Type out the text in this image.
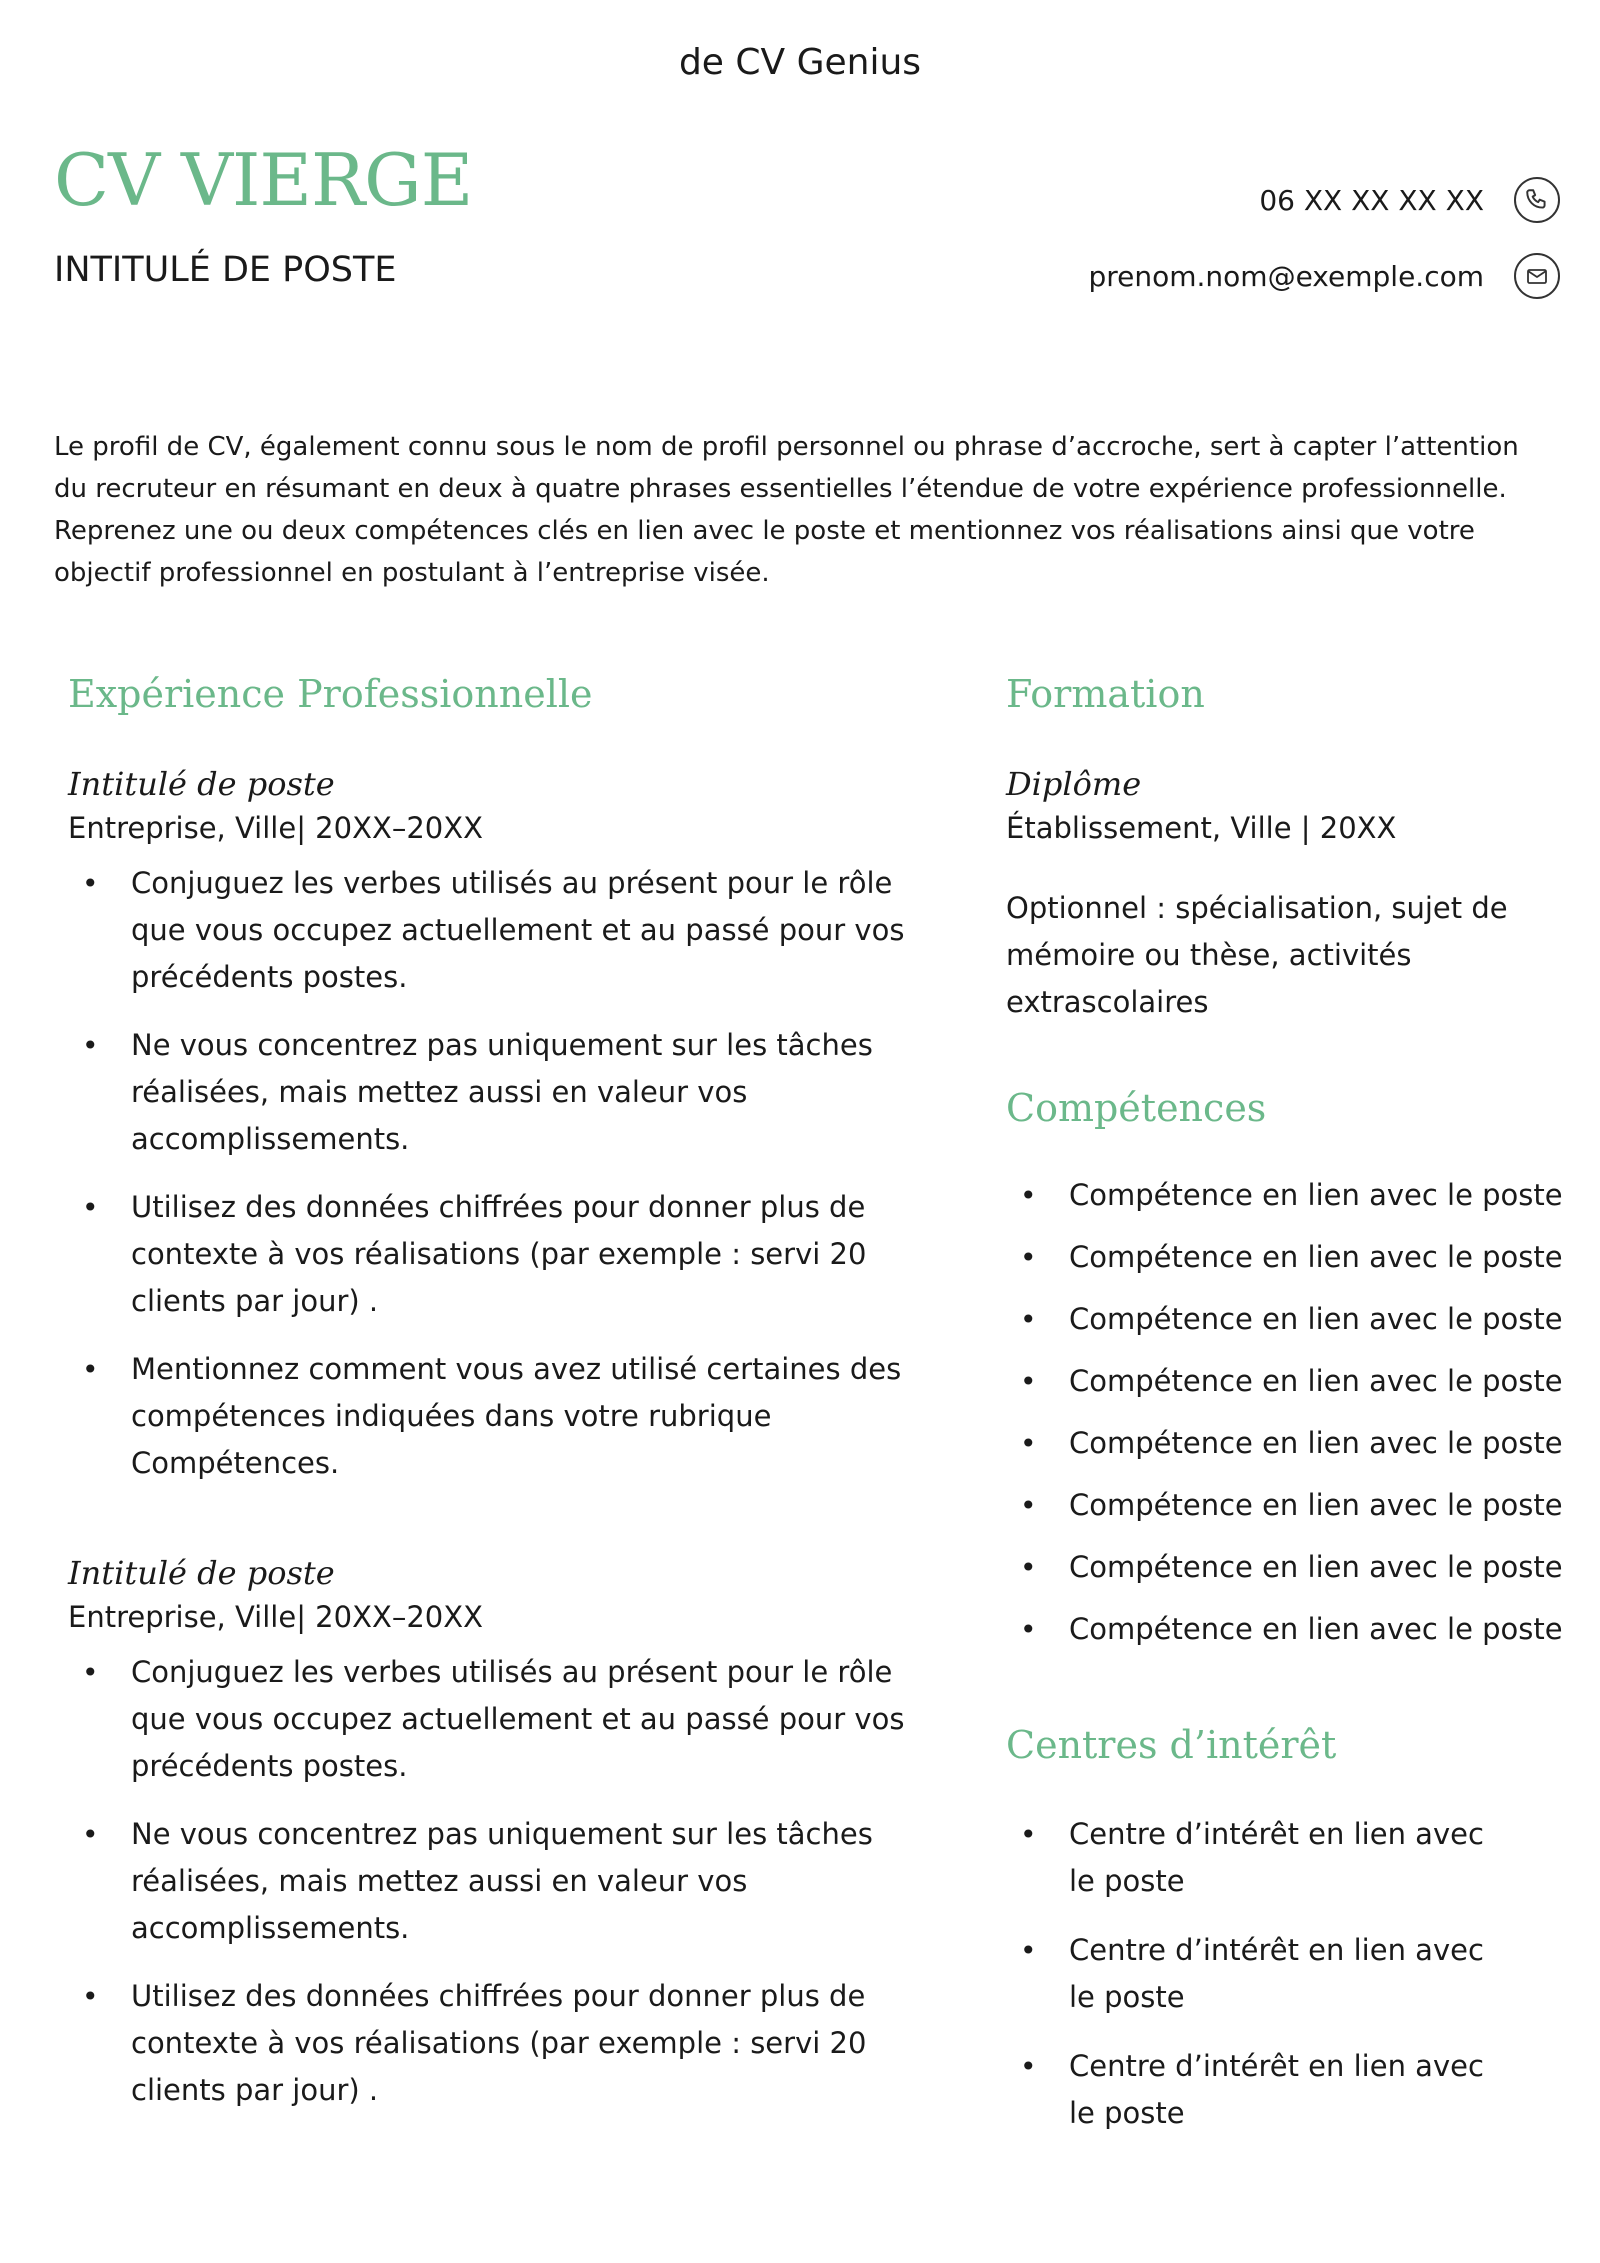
de CV Genius
CV VIERGE
INTITULÉ DE POSTE
06 XX XX XX XX
prenom.nom@exemple.com
Le profil de CV, également connu sous le nom de profil personnel ou phrase d’accroche, sert à capter l’attention du recruteur en résumant en deux à quatre phrases essentielles l’étendue de votre expérience professionnelle. Reprenez une ou deux compétences clés en lien avec le poste et mentionnez vos réalisations ainsi que votre objectif professionnel en postulant à l’entreprise visée.
Expérience Professionnelle
Intitulé de poste
Entreprise, Ville| 20XX–20XX
• Conjuguez les verbes utilisés au présent pour le rôle que vous occupez actuellement et au passé pour vos précédents postes.
• Ne vous concentrez pas uniquement sur les tâches réalisées, mais mettez aussi en valeur vos accomplissements.
• Utilisez des données chiffrées pour donner plus de contexte à vos réalisations (par exemple : servi 20 clients par jour) .
• Mentionnez comment vous avez utilisé certaines des compétences indiquées dans votre rubrique Compétences.
Intitulé de poste
Entreprise, Ville| 20XX–20XX
• Conjuguez les verbes utilisés au présent pour le rôle que vous occupez actuellement et au passé pour vos précédents postes.
• Ne vous concentrez pas uniquement sur les tâches réalisées, mais mettez aussi en valeur vos accomplissements.
• Utilisez des données chiffrées pour donner plus de contexte à vos réalisations (par exemple : servi 20 clients par jour) .
Formation
Diplôme
Établissement, Ville | 20XX
Optionnel : spécialisation, sujet de mémoire ou thèse, activités extrascolaires
Compétences
• Compétence en lien avec le poste
• Compétence en lien avec le poste
• Compétence en lien avec le poste
• Compétence en lien avec le poste
• Compétence en lien avec le poste
• Compétence en lien avec le poste
• Compétence en lien avec le poste
• Compétence en lien avec le poste
Centres d’intérêt
• Centre d’intérêt en lien avec le poste
• Centre d’intérêt en lien avec le poste
• Centre d’intérêt en lien avec le poste
